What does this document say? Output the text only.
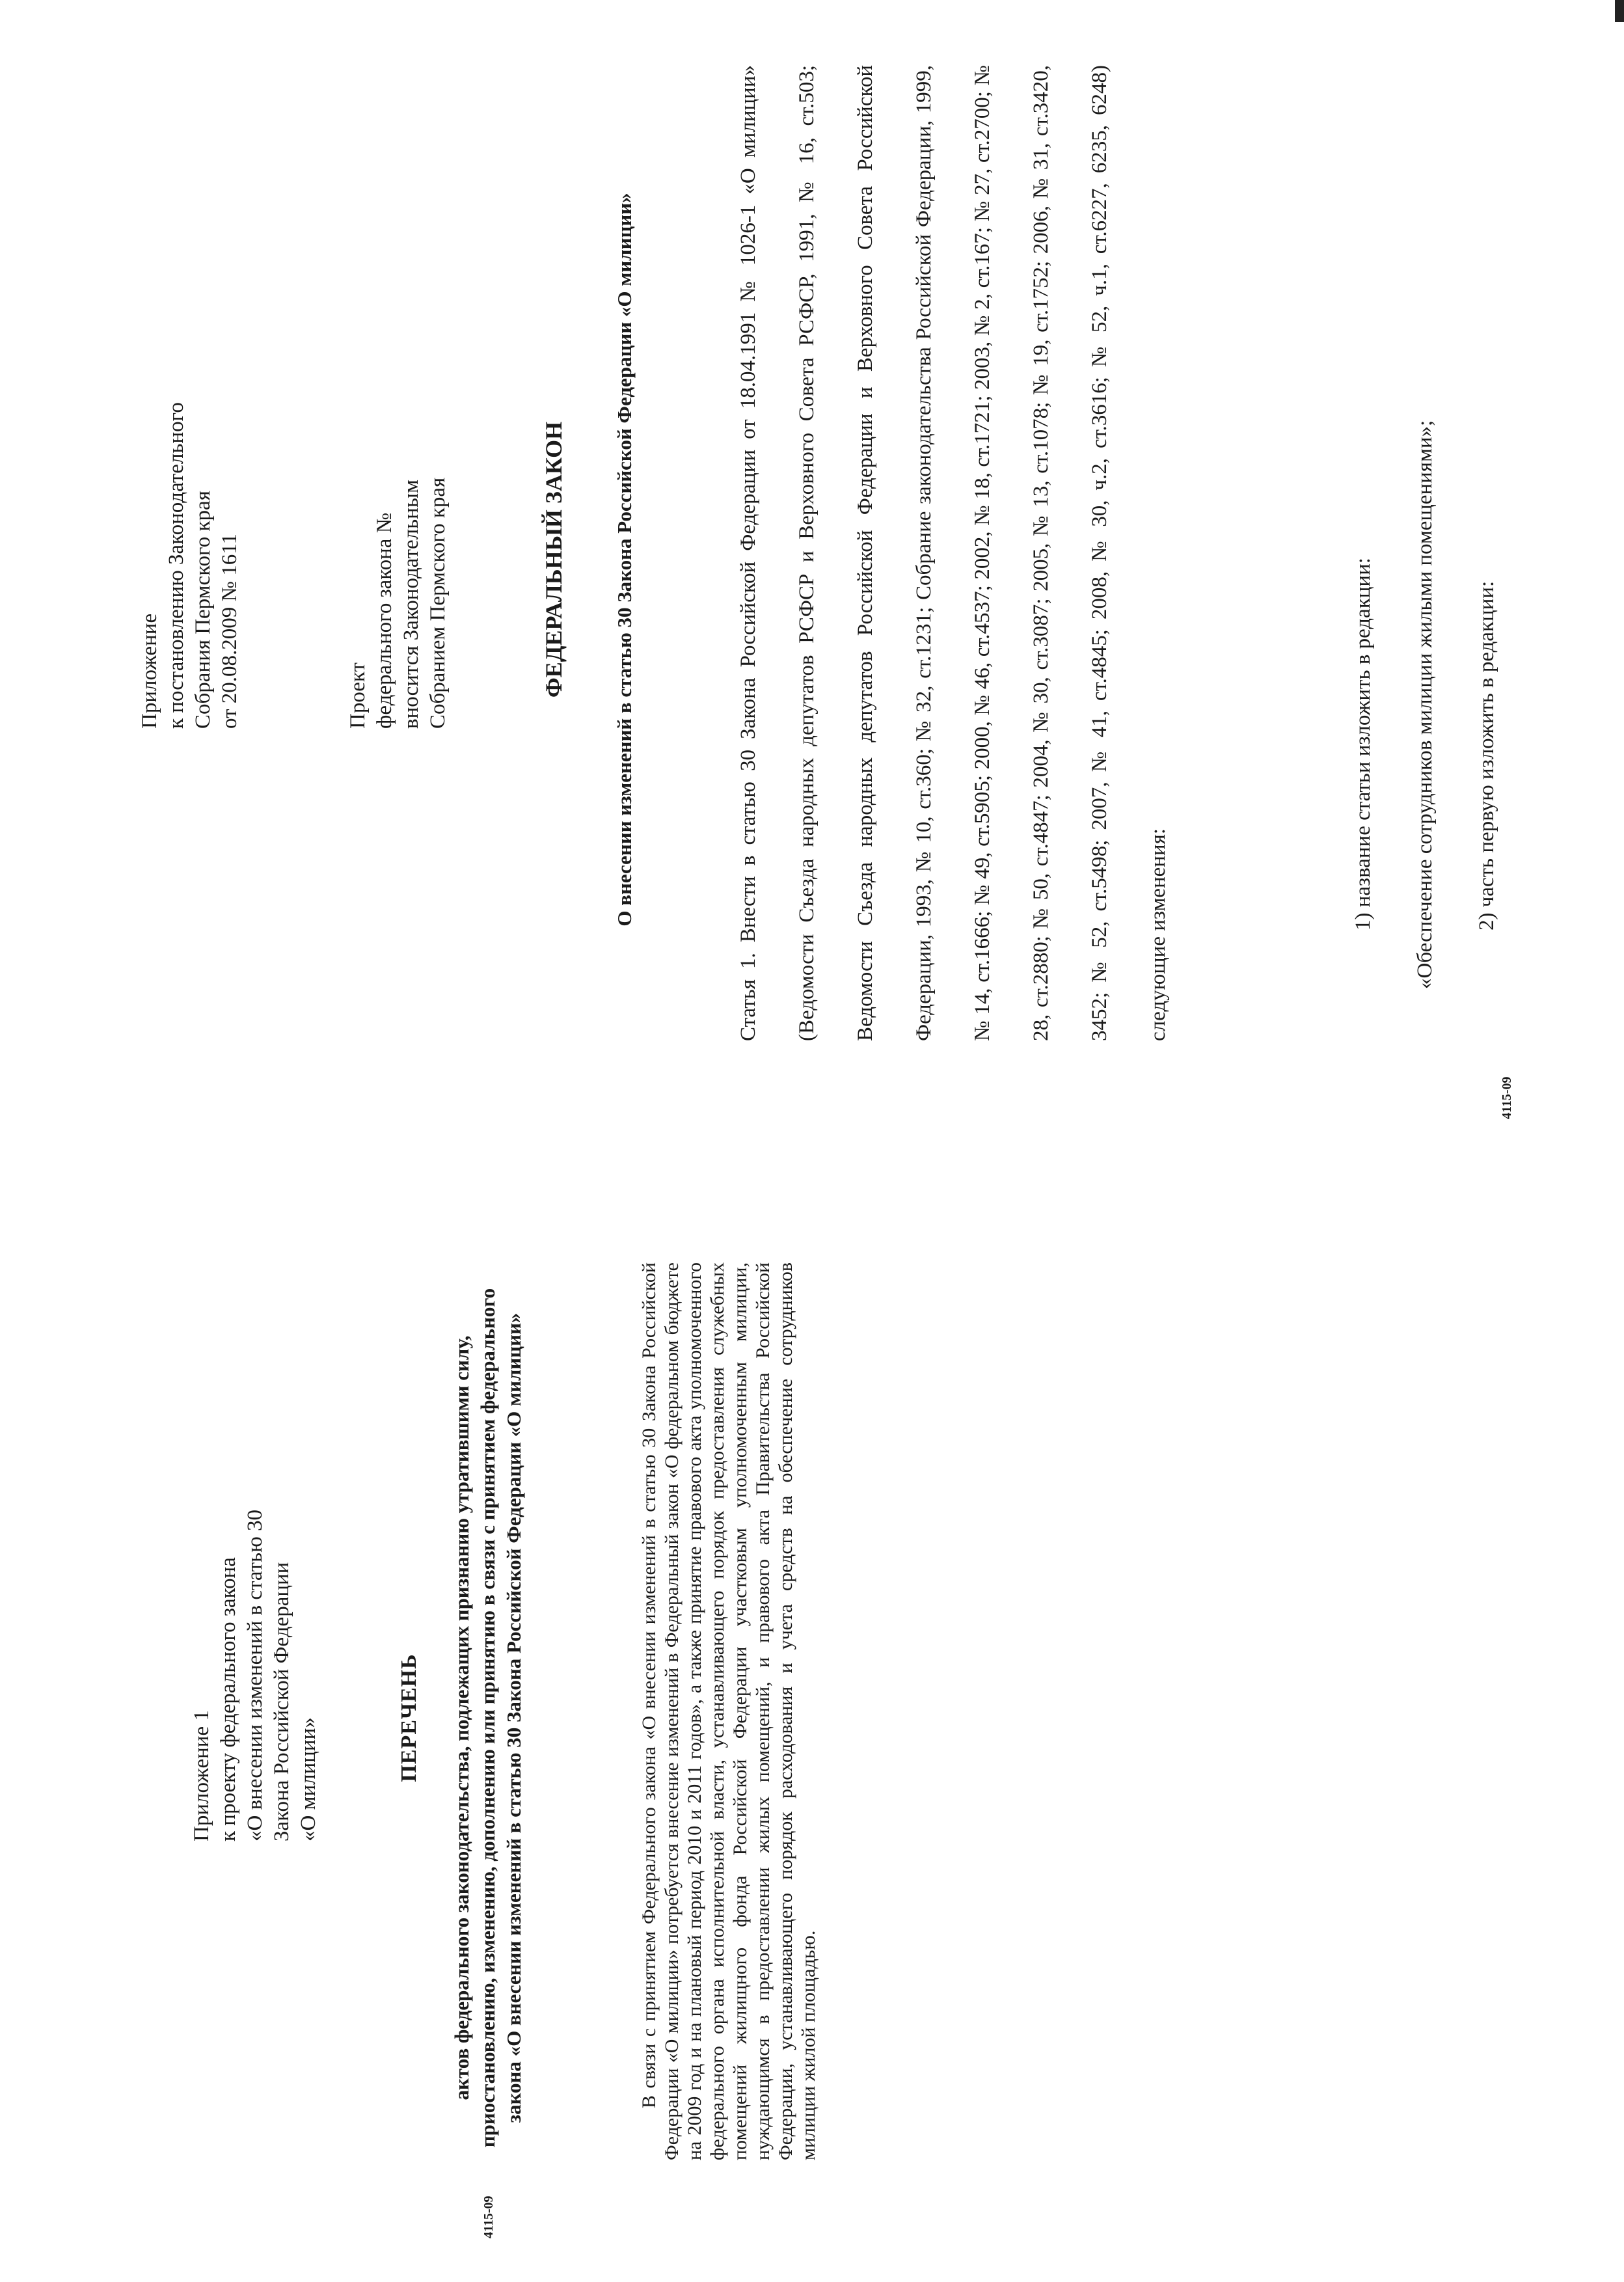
Приложение
к постановлению Законодательного
Собрания Пермского края
от 20.08.2009 № 1611

Проект
федерального закона №
вносится Законодательным
Собранием Пермского края	ФЕДЕРАЛЬНЫЙ ЗАКОН О внесении изменений в статью 30 Закона Российской Федерации «О милиции»	Статья 1. Внести в статью 30 Закона Российской Федерации от 18.04.1991 № 1026-1 «О милиции» (Ведомости Съезда народных депутатов РСФСР и Верховного Совета РСФСР, 1991, № 16, ст.503; Ведомости Съезда народных депутатов Российской Федерации и Верховного Совета Российской Федерации, 1993, № 10, ст.360; № 32, ст.1231; Собрание законодательства Российской Федерации, 1999, № 14, ст.1666; № 49, ст.5905; 2000, № 46, ст.4537; 2002, № 18, ст.1721; 2003, № 2, ст.167; № 27, ст.2700; № 28, ст.2880; № 50, ст.4847; 2004, № 30, ст.3087; 2005, № 13, ст.1078; № 19, ст.1752; 2006, № 31, ст.3420, 3452; № 52, ст.5498; 2007, № 41, ст.4845; 2008, № 30, ч.2, ст.3616; № 52, ч.1, ст.6227, 6235, 6248) следующие изменения:

1) название статьи изложить в редакции: «Обеспечение сотрудников милиции жилыми помещениями»; 2) часть первую изложить в редакции:

4115-09

Приложение 1
к проекту федерального закона
«О внесении изменений в статью 30
Закона Российской Федерации
«О милиции»	ПЕРЕЧЕНЬ актов федерального законодательства, подлежащих признанию утратившими силу, приостановлению, изменению, дополнению или принятию в связи с принятием федерального закона «О внесении изменений в статью 30 Закона Российской Федерации «О милиции»	В связи с принятием Федерального закона «О внесении изменений в статью 30 Закона Российской Федерации «О милиции» потребуется внесение изменений в Федеральный закон «О федеральном бюджете на 2009 год и на плановый период 2010 и 2011 годов», а также принятие правового акта уполномоченного федерального органа исполнительной власти, устанавливающего порядок предоставления служебных помещений жилищного фонда Российской Федерации участковым уполномоченным милиции, нуждающимся в предоставлении жилых помещений, и правового акта Правительства Российской Федерации, устанавливающего порядок расходования и учета средств на обеспечение сотрудников милиции жилой площадью.

4115-09
